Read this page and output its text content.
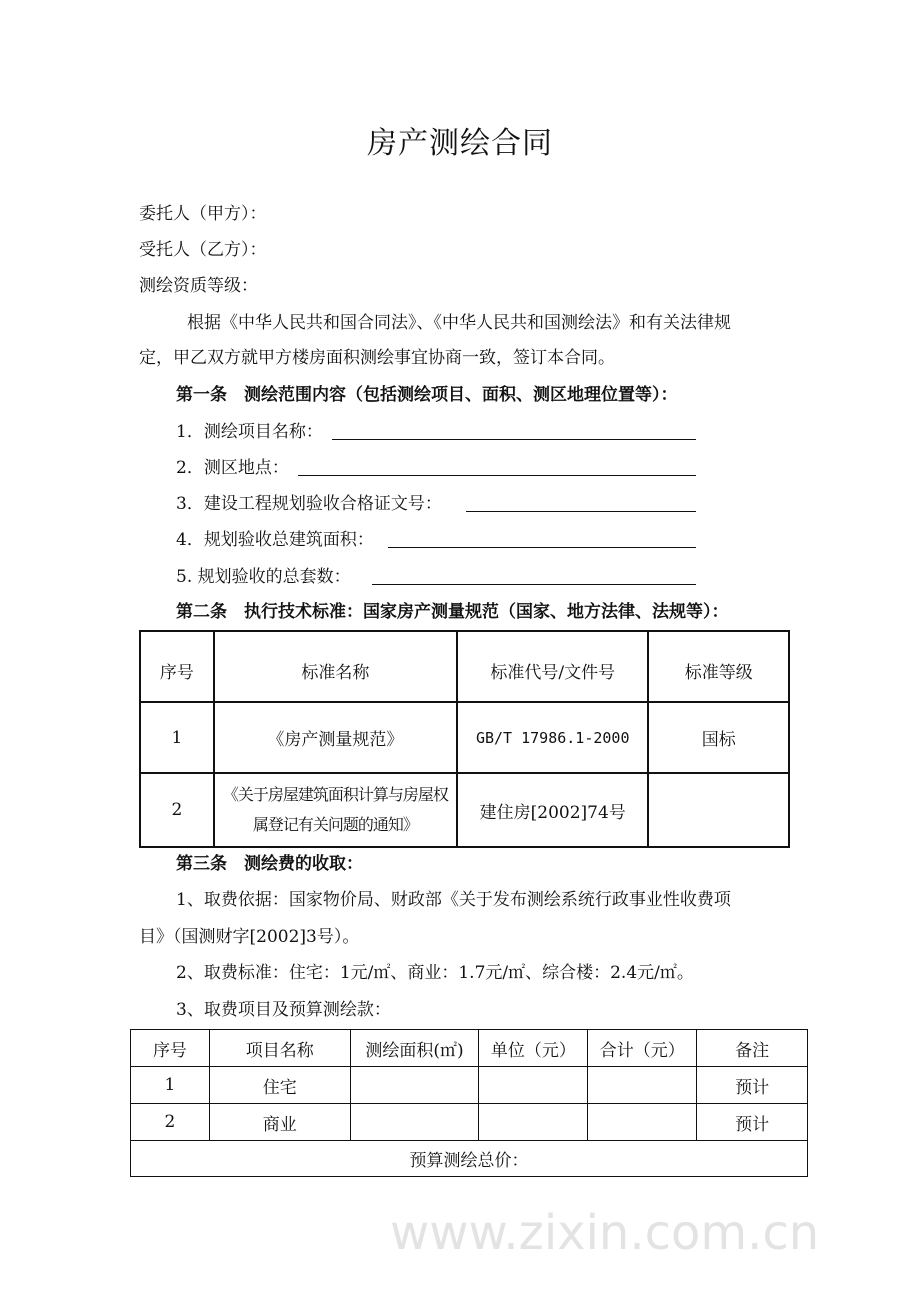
房产测绘合同
委托人（甲方）：
受托人（乙方）：
测绘资质等级：
根据《中华人民共和国合同法》、《中华人民共和国测绘法》和有关法律规
定，甲乙双方就甲方楼房面积测绘事宜协商一致，签订本合同。
第一条　测绘范围内容（包括测绘项目、面积、测区地理位置等）：
1．测绘项目名称：
2．测区地点：
3．建设工程规划验收合格证文号：
4．规划验收总建筑面积：
5. 规划验收的总套数：
第二条　执行技术标准：国家房产测量规范（国家、地方法律、法规等）：
序号	标准名称	标准代号/文件号	标准等级
1	《房产测量规范》	GB/T 17986.1-2000	国标
2	《关于房屋建筑面积计算与房屋权属登记有关问题的通知》	建住房[2002]74号	
第三条　测绘费的收取：
1、取费依据：国家物价局、财政部《关于发布测绘系统行政事业性收费项
目》（国测财字[2002]3号）。
2、取费标准：住宅：1元/㎡、商业：1.7元/㎡、综合楼：2.4元/㎡。
3、取费项目及预算测绘款：
序号	项目名称	测绘面积(㎡)	单位（元）	合计（元）	备注
1	住宅				预计
2	商业				预计
预算测绘总价：					
www.zixin.com.cn
